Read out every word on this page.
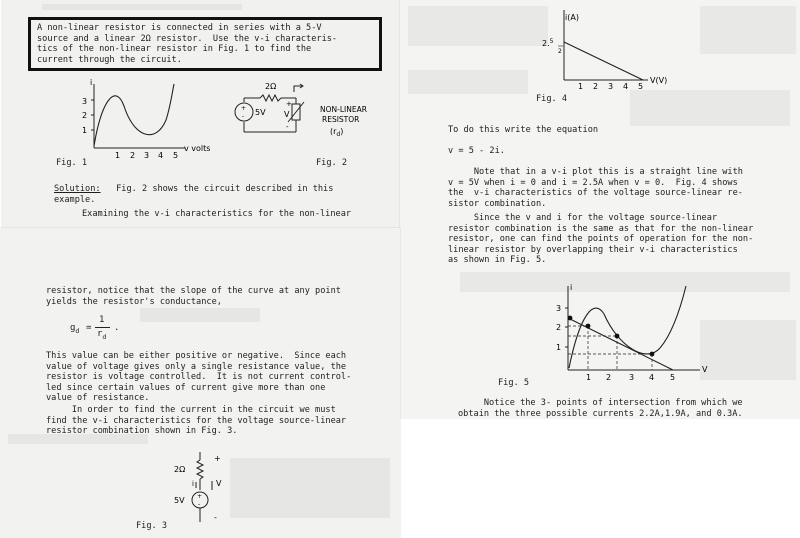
A non-linear resistor is connected in series with a 5-V
source and a linear 2Ω resistor.  Use the v-i characteris-
tics of the non-linear resistor in Fig. 1 to find the
current through the circuit.
i
3
2
1
1 2 3 4 5
v volts
Fig. 1
+
- 5V
2Ω
+
V
-
NON-LINEAR
RESISTOR
$(r_d)$
Fig. 2
Solution:   Fig. 2 shows the circuit described in this
example.
Examining the v-i characteristics for the non-linear
i(A)
2.$^5$
2
1 2 3 4 5
V(V)
Fig. 4
To do this write the equation
v = 5 - 2i.
Note that in a v-i plot this is a straight line with
v = 5V when i = 0 and i = 2.5A when v = 0.  Fig. 4 shows
the  v-i characteristics of the voltage source-linear re-
sistor combination.
Since the v and i for the voltage source-linear
resistor combination is the same as that for the non-linear
resistor, one can find the points of operation for the non-
linear resistor by overlapping their v-i characteristics
as shown in Fig. 5.
i
3
2
1
1 2 3 4 5
V
Fig. 5
Notice the 3- points of intersection from which we
obtain the three possible currents 2.2A,1.9A, and 0.3A.
resistor, notice that the slope of the curve at any point
yields the resistor's conductance,
$g_d$ =
1
$r_d$
.
This value can be either positive or negative.  Since each
value of voltage gives only a single resistance value, the
resistor is voltage controlled.  It is not current control-
led since certain values of current give more than one
value of resistance.
In order to find the current in the circuit we must
find the v-i characteristics for the voltage source-linear
resistor combination shown in Fig. 3.
+
-
2Ω
5V
i
+
V
-
Fig. 3
